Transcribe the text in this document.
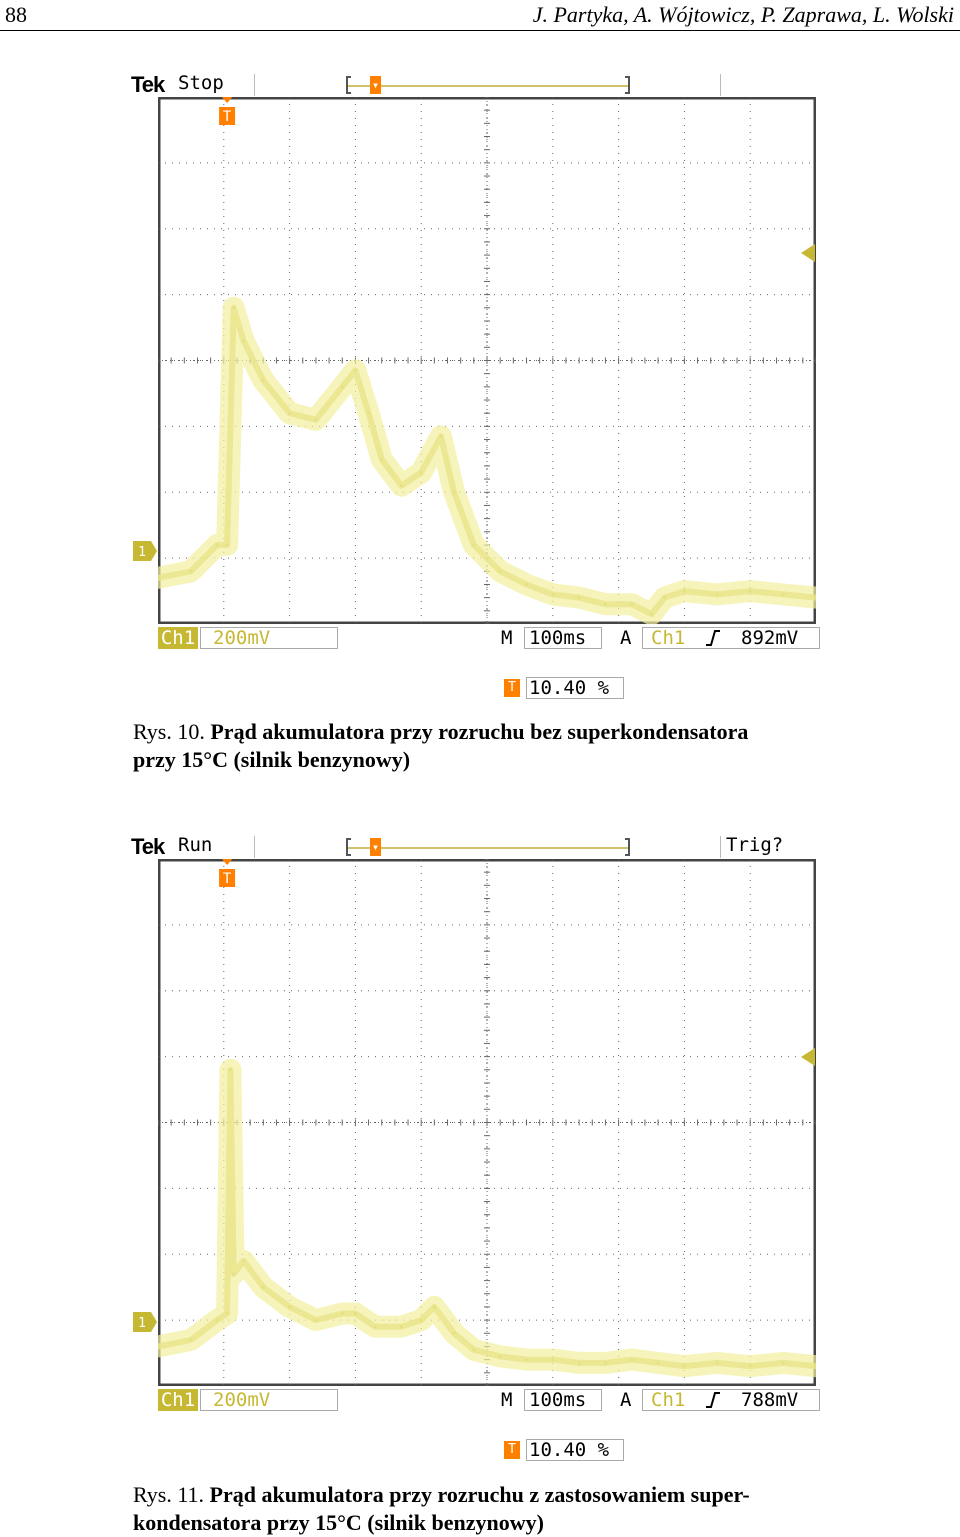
88	J. Partyka, A. Wójtowicz, P. Zaprawa, L. Wolski
Tek Stop	▾
T
1
Ch1 200mV	M 100ms	A Ch1	892mV
T 10.40 %
Rys. 10. Prąd akumulatora przy rozruchu bez superkondensatora
przy 15°C (silnik benzynowy)
Tek Run	▾	Trig?
T
1
Ch1 200mV	M 100ms	A Ch1	788mV
T 10.40 %
Rys. 11. Prąd akumulatora przy rozruchu z zastosowaniem super-
kondensatora przy 15°C (silnik benzynowy)
